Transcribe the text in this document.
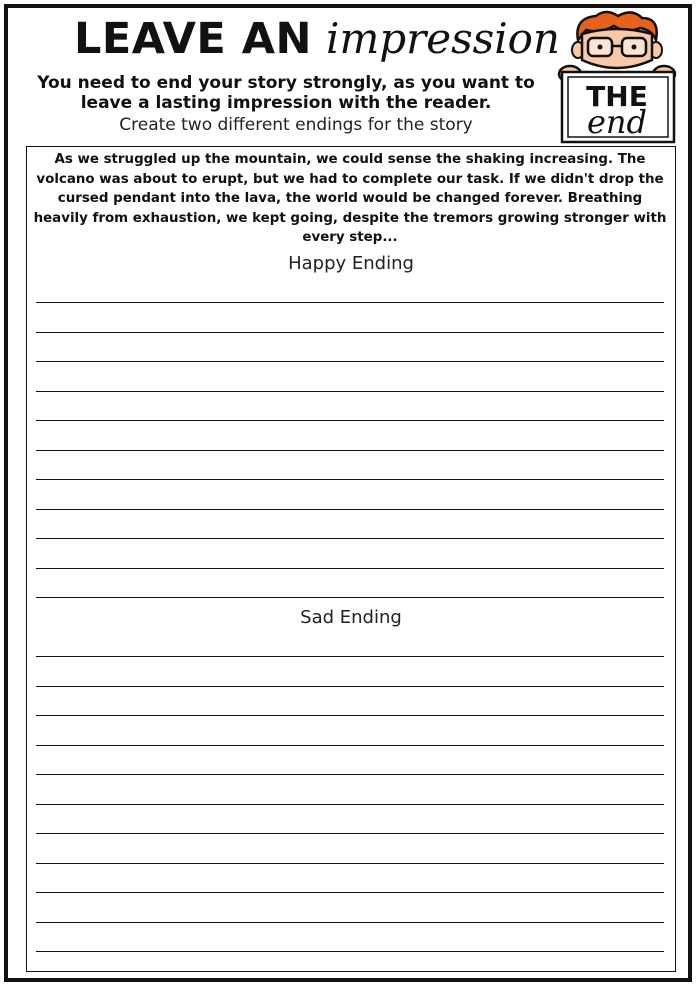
LEAVE AN impression
You need to end your story strongly, as you want to leave a lasting impression with the reader.
Create two different endings for the story
THE
end
As we struggled up the mountain, we could sense the shaking increasing. The volcano was about to erupt, but we had to complete our task. If we didn't drop the cursed pendant into the lava, the world would be changed forever. Breathing heavily from exhaustion, we kept going, despite the tremors growing stronger with every step...
Happy Ending
Sad Ending
